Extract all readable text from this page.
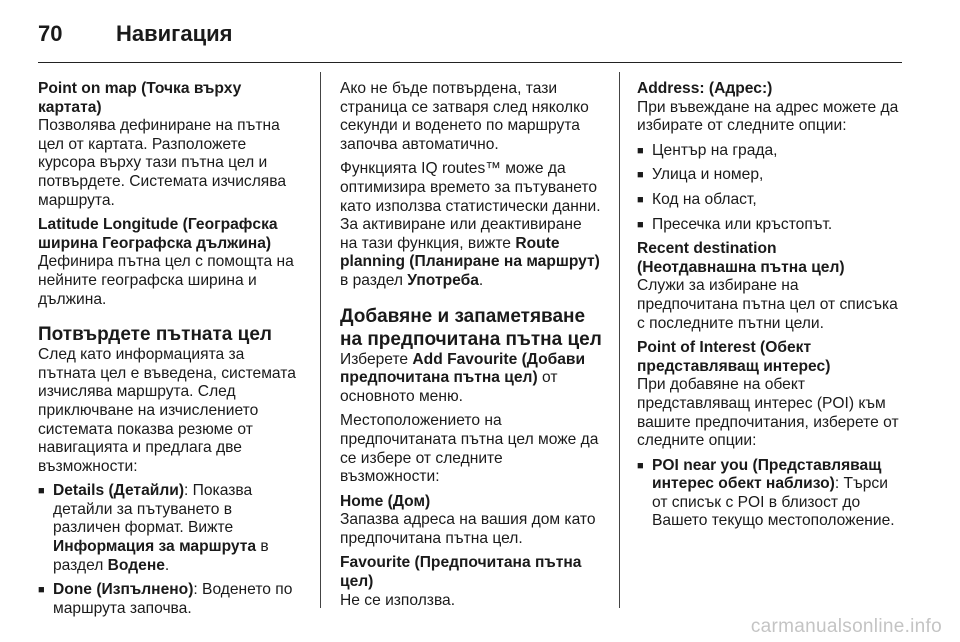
70	Навигация

Point on map (Точка върху картата)
Позволява дефиниране на пътна цел от картата. Разположете курсора върху тази пътна цел и потвърдете. Системата изчислява маршрута.

Latitude Longitude (Географска ширина Географска дължина)
Дефинира пътна цел с помощта на нейните географска ширина и дължина.

Потвърдете пътната цел

След като информацията за пътната цел е въведена, системата изчислява маршрута. След приключване на изчислението системата показва резюме от навигацията и предлага две възможности:

■ Details (Детайли): Показва детайли за пътуването в различен формат. Вижте Информация за маршрута в раздел Водене.
■ Done (Изпълнено): Воденето по маршрута започва.

Ако не бъде потвърдена, тази страница се затваря след няколко секунди и воденето по маршрута започва автоматично.

Функцията IQ routes™ може да оптимизира времето за пътуването като използва статистически данни. За активиране или деактивиране на тази функция, вижте Route planning (Планиране на маршрут) в раздел Употреба.

Добавяне и запаметяване на предпочитана пътна цел

Изберете Add Favourite (Добави предпочитана пътна цел) от основното меню.

Местоположението на предпочитаната пътна цел може да се избере от следните възможности:

Home (Дом)
Запазва адреса на вашия дом като предпочитана пътна цел.

Favourite (Предпочитана пътна цел)
Не се използва.

Address: (Адрес:)
При въвеждане на адрес можете да избирате от следните опции:

■ Център на града,
■ Улица и номер,
■ Код на област,
■ Пресечка или кръстопът.

Recent destination (Неотдавнашна пътна цел)
Служи за избиране на предпочитана пътна цел от списъка с последните пътни цели.

Point of Interest (Обект представляващ интерес)
При добавяне на обект представляващ интерес (POI) към вашите предпочитания, изберете от следните опции:

■ POI near you (Представляващ интерес обект наблизо): Търси от списък с POI в близост до Вашето текущо местоположение.
carmanualsonline.info
